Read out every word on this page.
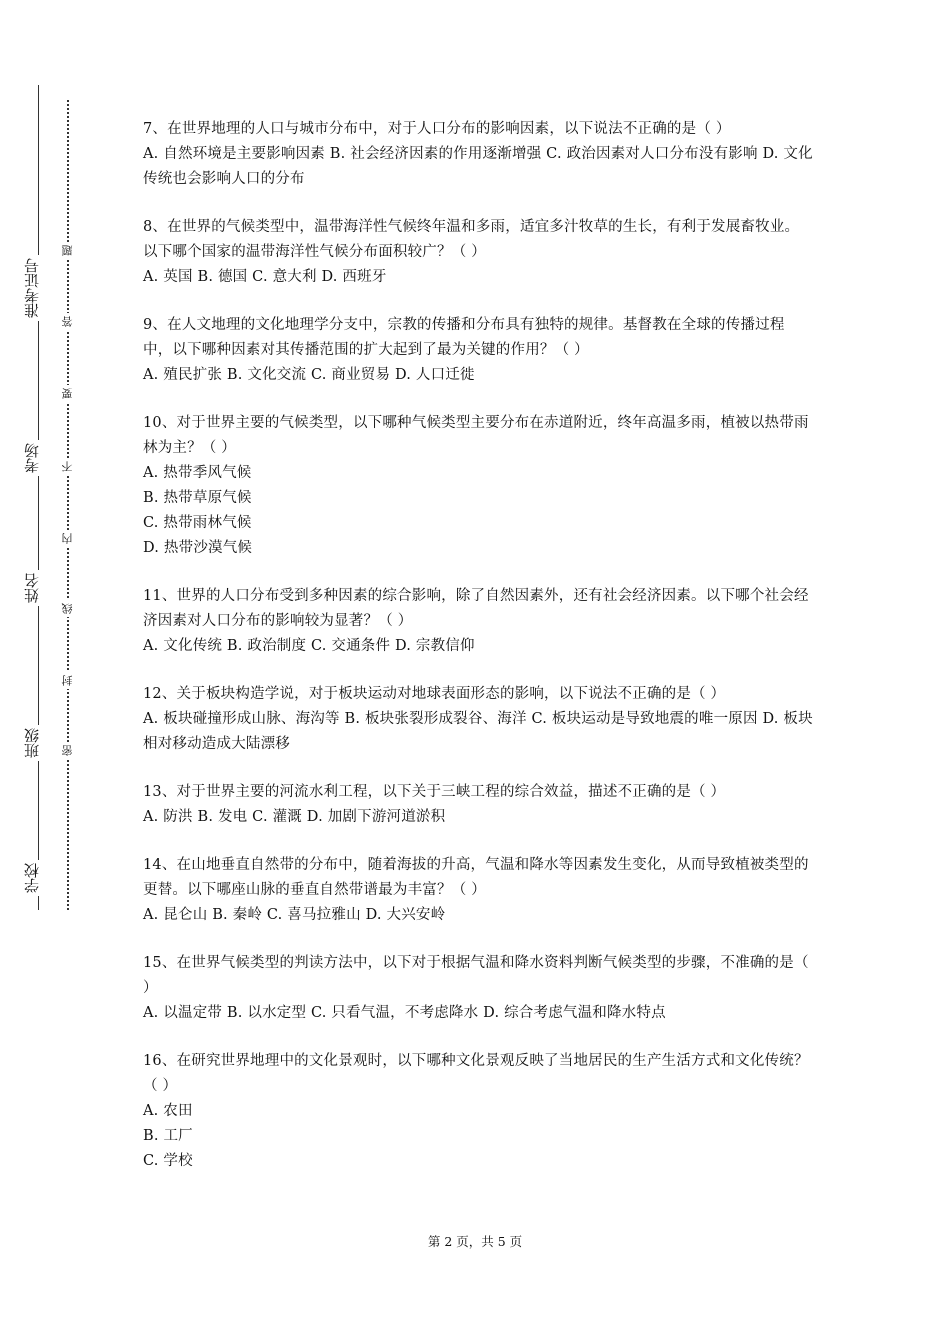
学校
班级
姓名
考场
准考证号
密
封
线
内
不
要
答
题

7、在世界地理的人口与城市分布中，对于人口分布的影响因素，以下说法不正确的是（ ）

A. 自然环境是主要影响因素 B. 社会经济因素的作用逐渐增强 C. 政治因素对人口分布没有影响 D. 文化传统也会影响人口的分布

8、在世界的气候类型中，温带海洋性气候终年温和多雨，适宜多汁牧草的生长，有利于发展畜牧业。以下哪个国家的温带海洋性气候分布面积较广？（ ）

A. 英国 B. 德国 C. 意大利 D. 西班牙

9、在人文地理的文化地理学分支中，宗教的传播和分布具有独特的规律。基督教在全球的传播过程中，以下哪种因素对其传播范围的扩大起到了最为关键的作用？（ ）

A. 殖民扩张 B. 文化交流 C. 商业贸易 D. 人口迁徙

10、对于世界主要的气候类型，以下哪种气候类型主要分布在赤道附近，终年高温多雨，植被以热带雨林为主？（ ）

A. 热带季风气候

B. 热带草原气候

C. 热带雨林气候

D. 热带沙漠气候

11、世界的人口分布受到多种因素的综合影响，除了自然因素外，还有社会经济因素。以下哪个社会经济因素对人口分布的影响较为显著？（ ）

A. 文化传统 B. 政治制度 C. 交通条件 D. 宗教信仰

12、关于板块构造学说，对于板块运动对地球表面形态的影响，以下说法不正确的是（ ）

A. 板块碰撞形成山脉、海沟等 B. 板块张裂形成裂谷、海洋 C. 板块运动是导致地震的唯一原因 D. 板块相对移动造成大陆漂移

13、对于世界主要的河流水利工程，以下关于三峡工程的综合效益，描述不正确的是（ ）

A. 防洪 B. 发电 C. 灌溉 D. 加剧下游河道淤积

14、在山地垂直自然带的分布中，随着海拔的升高，气温和降水等因素发生变化，从而导致植被类型的更替。以下哪座山脉的垂直自然带谱最为丰富？（ ）

A. 昆仑山 B. 秦岭 C. 喜马拉雅山 D. 大兴安岭

15、在世界气候类型的判读方法中，以下对于根据气温和降水资料判断气候类型的步骤，不准确的是（ ）

A. 以温定带 B. 以水定型 C. 只看气温，不考虑降水 D. 综合考虑气温和降水特点

16、在研究世界地理中的文化景观时，以下哪种文化景观反映了当地居民的生产生活方式和文化传统？（ ）

A. 农田

B. 工厂

C. 学校

第 2 页，共 5 页
